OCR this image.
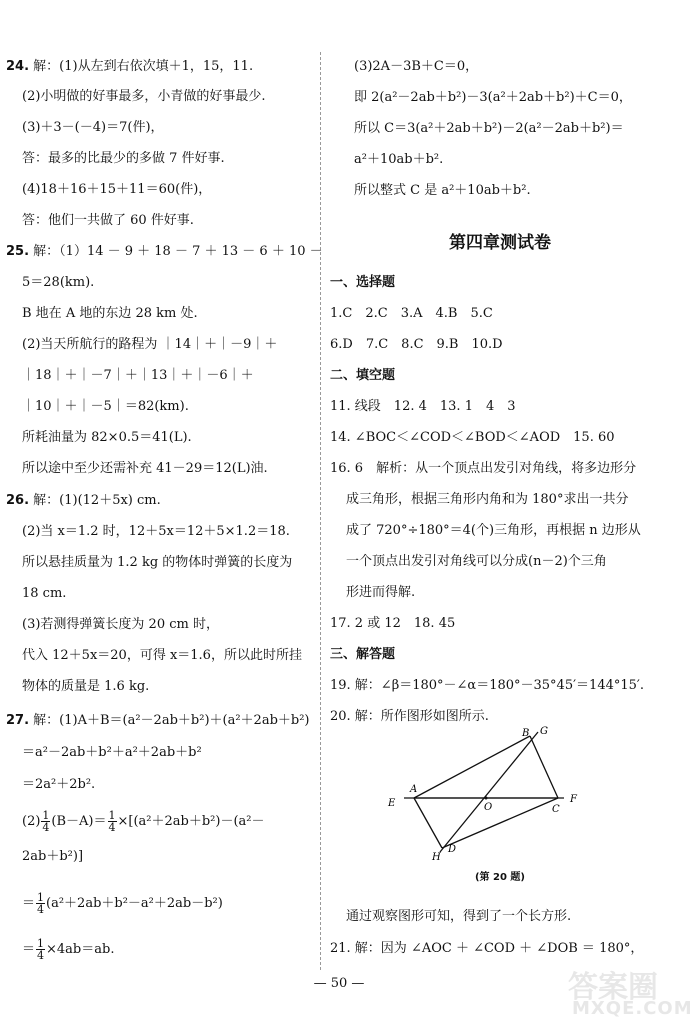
24. 解：(1)从左到右依次填＋1，15，11.
(2)小明做的好事最多，小青做的好事最少.
(3)＋3－(－4)＝7(件)，
答：最多的比最少的多做 7 件好事.
(4)18＋16＋15＋11＝60(件)，
答：他们一共做了 60 件好事.
25. 解：（1）14 － 9 ＋ 18 － 7 ＋ 13 － 6 ＋ 10 －
5＝28(km).
B 地在 A 地的东边 28 km 处.
(2)当天所航行的路程为 ｜14｜＋｜－9｜＋
｜18｜＋｜－7｜＋｜13｜＋｜－6｜＋
｜10｜＋｜－5｜＝82(km).
所耗油量为 82×0.5＝41(L).
所以途中至少还需补充 41－29＝12(L)油.
26. 解：(1)(12＋5x) cm.
(2)当 x＝1.2 时，12＋5x＝12＋5×1.2＝18.
所以悬挂质量为 1.2 kg 的物体时弹簧的长度为
18 cm.
(3)若测得弹簧长度为 20 cm 时，
代入 12＋5x＝20，可得 x＝1.6，所以此时所挂
物体的质量是 1.6 kg.
27. 解：(1)A＋B＝(a²－2ab＋b²)＋(a²＋2ab＋b²)
＝a²－2ab＋b²＋a²＋2ab＋b²
＝2a²＋2b².
$(2) \frac{1}{4} (B-A)= \frac{1}{4} \times[(a^2+2ab+b^2)-(a^2-$
2ab＋b²)]
＝ $\frac{1}{4} (a^2+2ab+b^2-a^2+2ab-b^2)$
＝ $\frac{1}{4} \times 4ab=ab$.
(3)2A－3B＋C＝0，
即 2(a²－2ab＋b²)－3(a²＋2ab＋b²)＋C＝0，
所以 C＝3(a²＋2ab＋b²)－2(a²－2ab＋b²)＝
a²＋10ab＋b².
所以整式 C 是 a²＋10ab＋b².
第四章测试卷
一、选择题
1.C　2.C　3.A　4.B　5.C
6.D　7.C　8.C　9.B　10.D
二、填空题
11. 线段　12. 4　13. 1　4　3
14. ∠BOC＜∠COD＜∠BOD＜∠AOD　15. 60
16. 6　解析：从一个顶点出发引对角线，将多边形分
成三角形，根据三角形内角和为 180°求出一共分
成了 720°÷180°＝4(个)三角形，再根据 n 边形从
一个顶点出发引对角线可以分成(n－2)个三角
形进而得解.
17. 2 或 12　18. 45
三、解答题
19. 解：∠β＝180°－∠α＝180°－35°45′＝144°15′.
20. 解：所作图形如图所示.
E
A
B G
O	C
F
D
H
(第 20 题)
通过观察图形可知，得到了一个长方形.
21. 解：因为 ∠AOC ＋ ∠COD ＋ ∠DOB ＝ 180°，
— 50 —	答案圈
MXQE.COM
